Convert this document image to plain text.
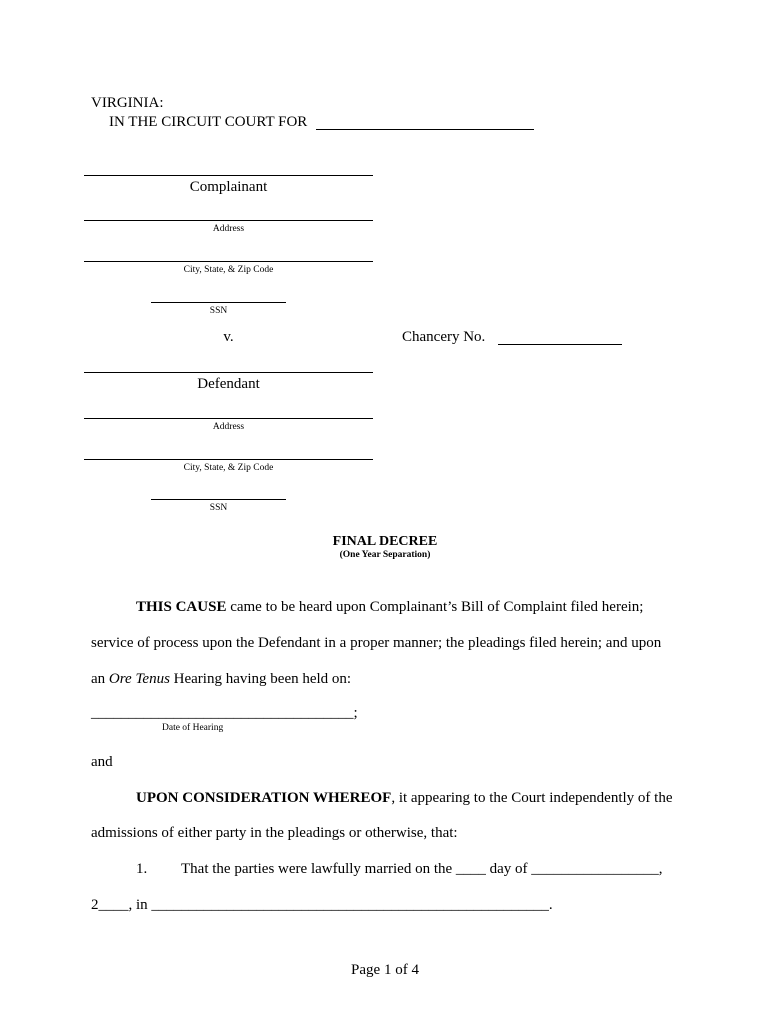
VIRGINIA:
IN THE CIRCUIT COURT FOR
Complainant
Address
City, State, & Zip Code
SSN
v.	Chancery No.
Defendant
Address
City, State, & Zip Code
SSN
FINAL DECREE
(One Year Separation)
THIS CAUSE came to be heard upon Complainant’s Bill of Complaint filed herein;
service of process upon the Defendant in a proper manner; the pleadings filed herein; and upon
an Ore Tenus Hearing having been held on:
___________________________________;
Date of Hearing
and
UPON CONSIDERATION WHEREOF, it appearing to the Court independently of the
admissions of either party in the pleadings or otherwise, that:
1. That the parties were lawfully married on the ____ day of _________________,
2____, in _____________________________________________________.
Page 1 of 4
